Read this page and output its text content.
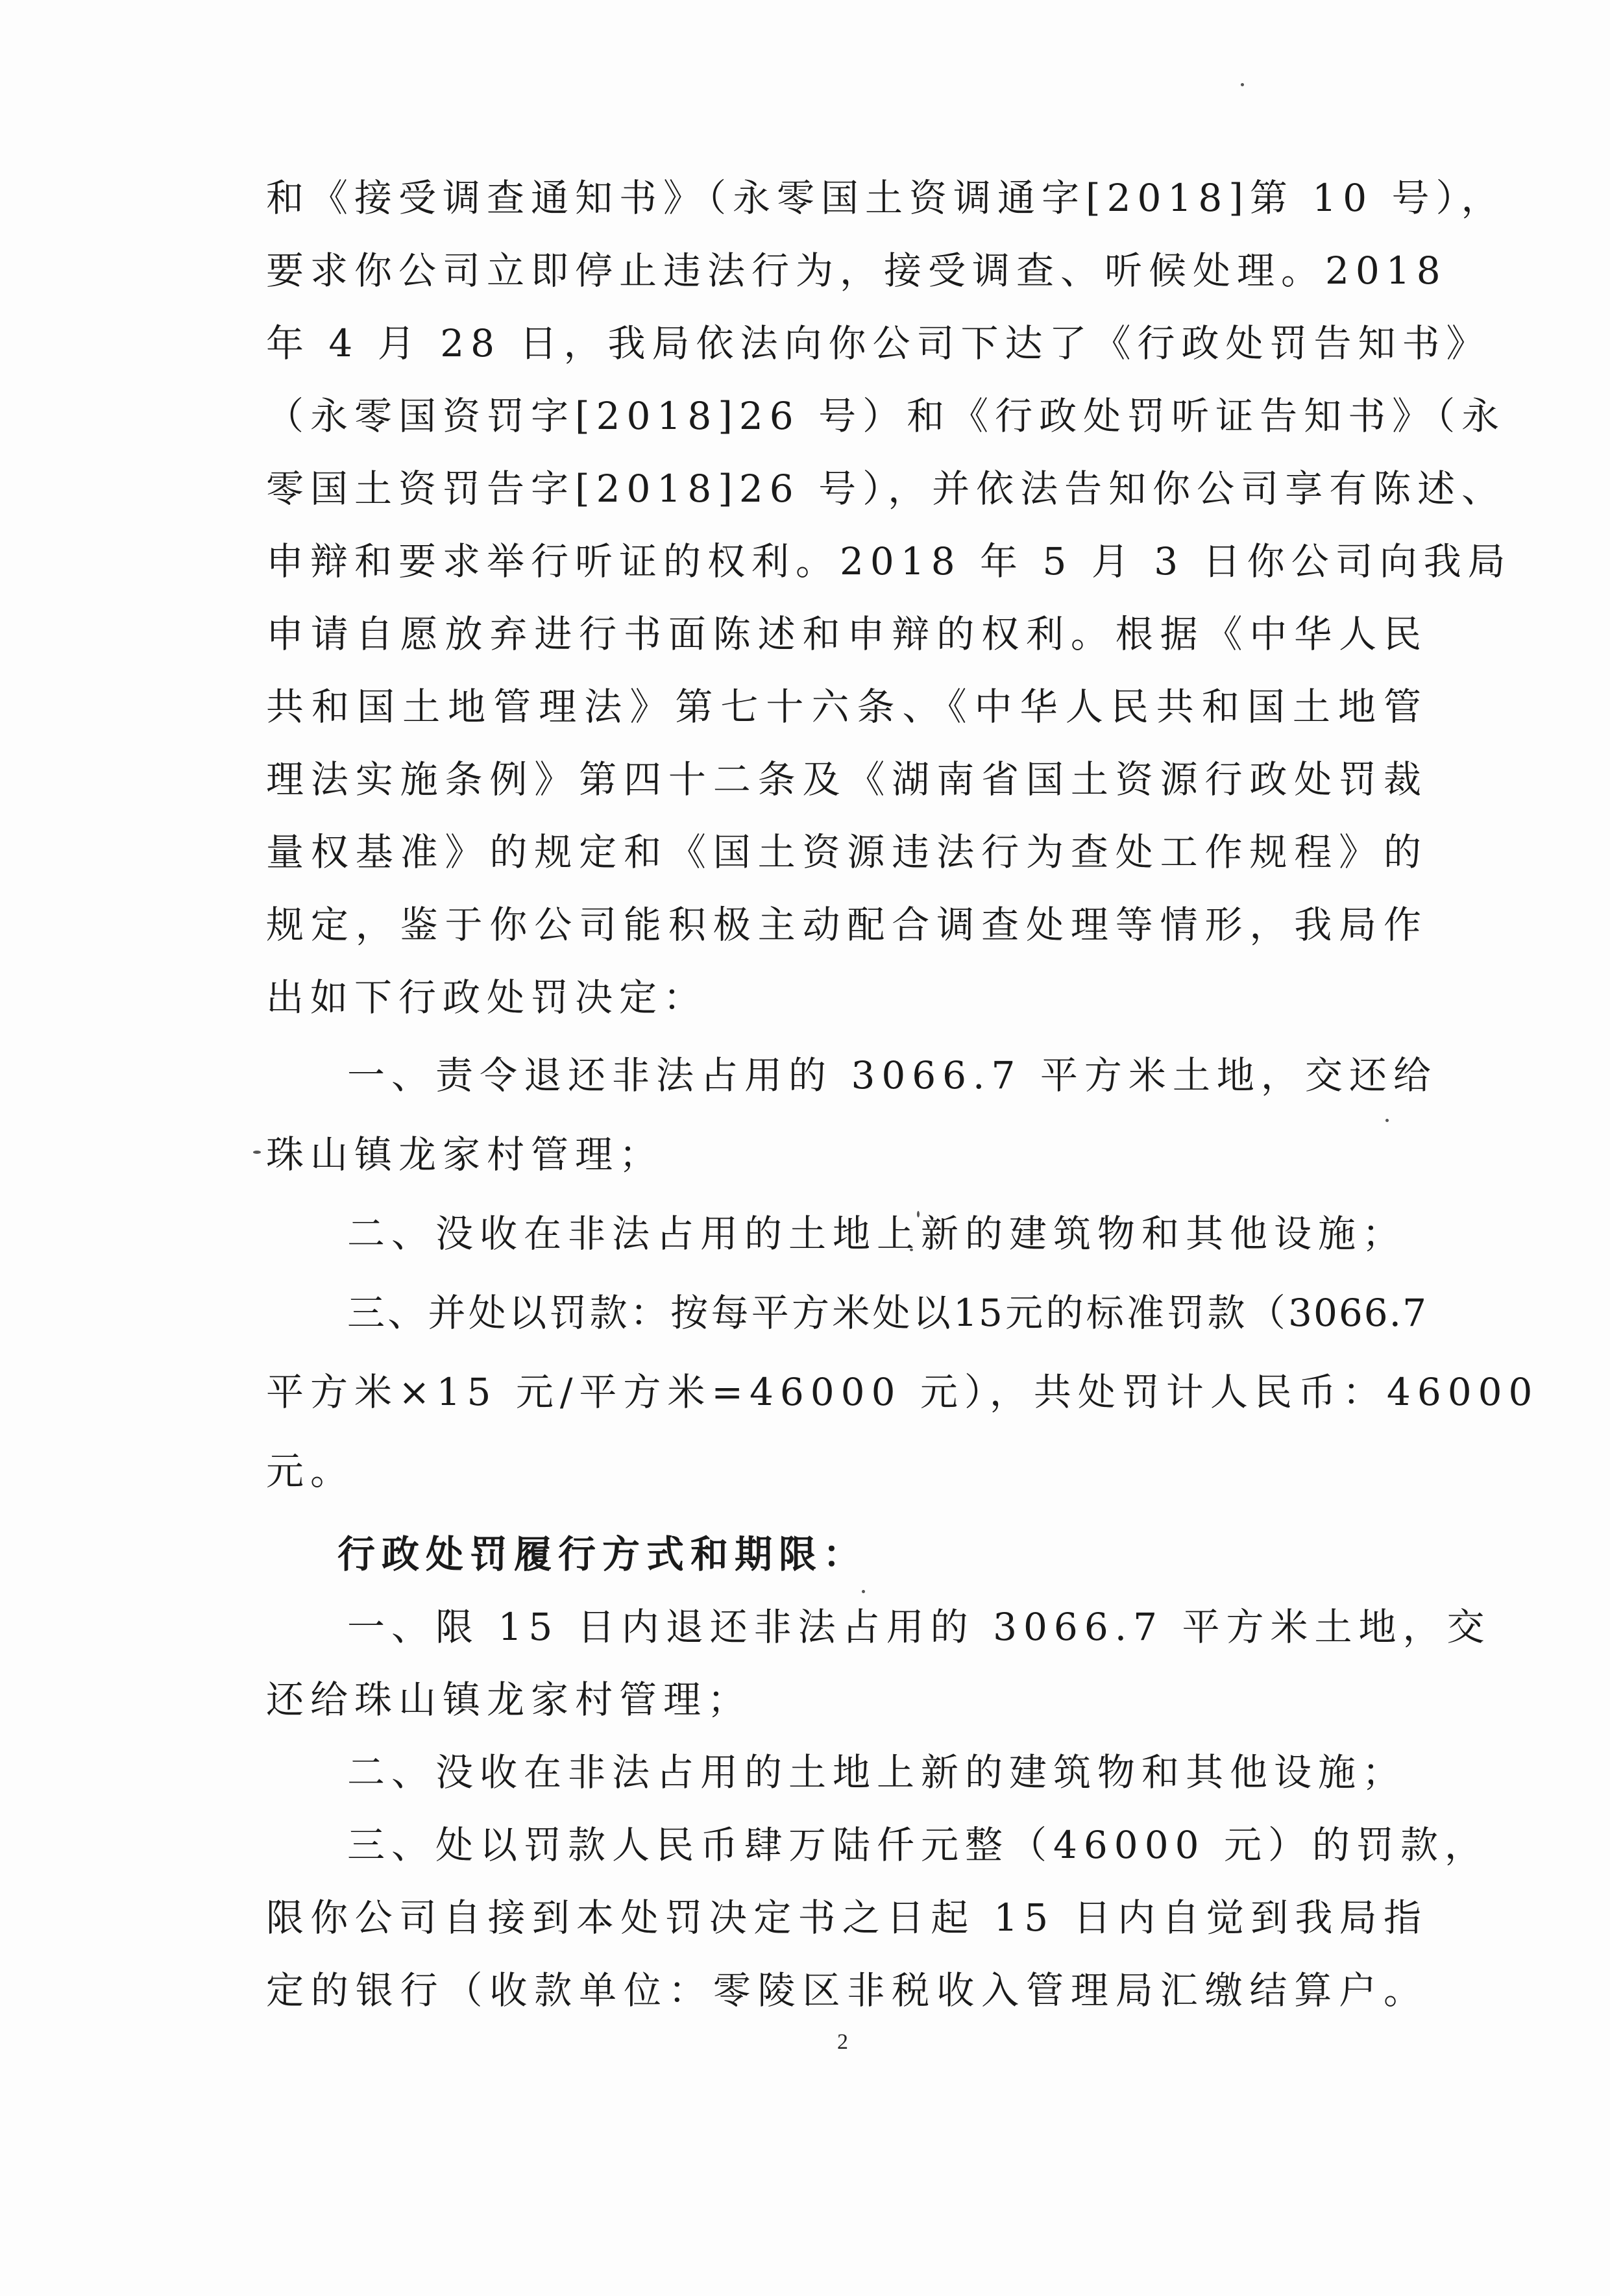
和《接受调查通知书》（永零国土资调通字[2018]第 10 号），
要求你公司立即停止违法行为，接受调查、听候处理。2018
年 4 月 28 日，我局依法向你公司下达了《行政处罚告知书》
（永零国资罚字[2018]26 号）和《行政处罚听证告知书》（永
零国土资罚告字[2018]26 号），并依法告知你公司享有陈述、
申辩和要求举行听证的权利。2018 年 5 月 3 日你公司向我局
申请自愿放弃进行书面陈述和申辩的权利。根据《中华人民
共和国土地管理法》第七十六条、《中华人民共和国土地管
理法实施条例》第四十二条及《湖南省国土资源行政处罚裁
量权基准》的规定和《国土资源违法行为查处工作规程》的
规定，鉴于你公司能积极主动配合调查处理等情形，我局作
出如下行政处罚决定：
一、责令退还非法占用的 3066.7 平方米土地，交还给
珠山镇龙家村管理；
二、没收在非法占用的土地上新的建筑物和其他设施；
三、并处以罚款：按每平方米处以15元的标准罚款（3066.7
平方米×15 元/平方米=46000 元），共处罚计人民币：46000
元。
行政处罚履行方式和期限：
一、限 15 日内退还非法占用的 3066.7 平方米土地，交
还给珠山镇龙家村管理；
二、没收在非法占用的土地上新的建筑物和其他设施；
三、处以罚款人民币肆万陆仟元整（46000 元）的罚款，
限你公司自接到本处罚决定书之日起 15 日内自觉到我局指
定的银行（收款单位：零陵区非税收入管理局汇缴结算户。
2
